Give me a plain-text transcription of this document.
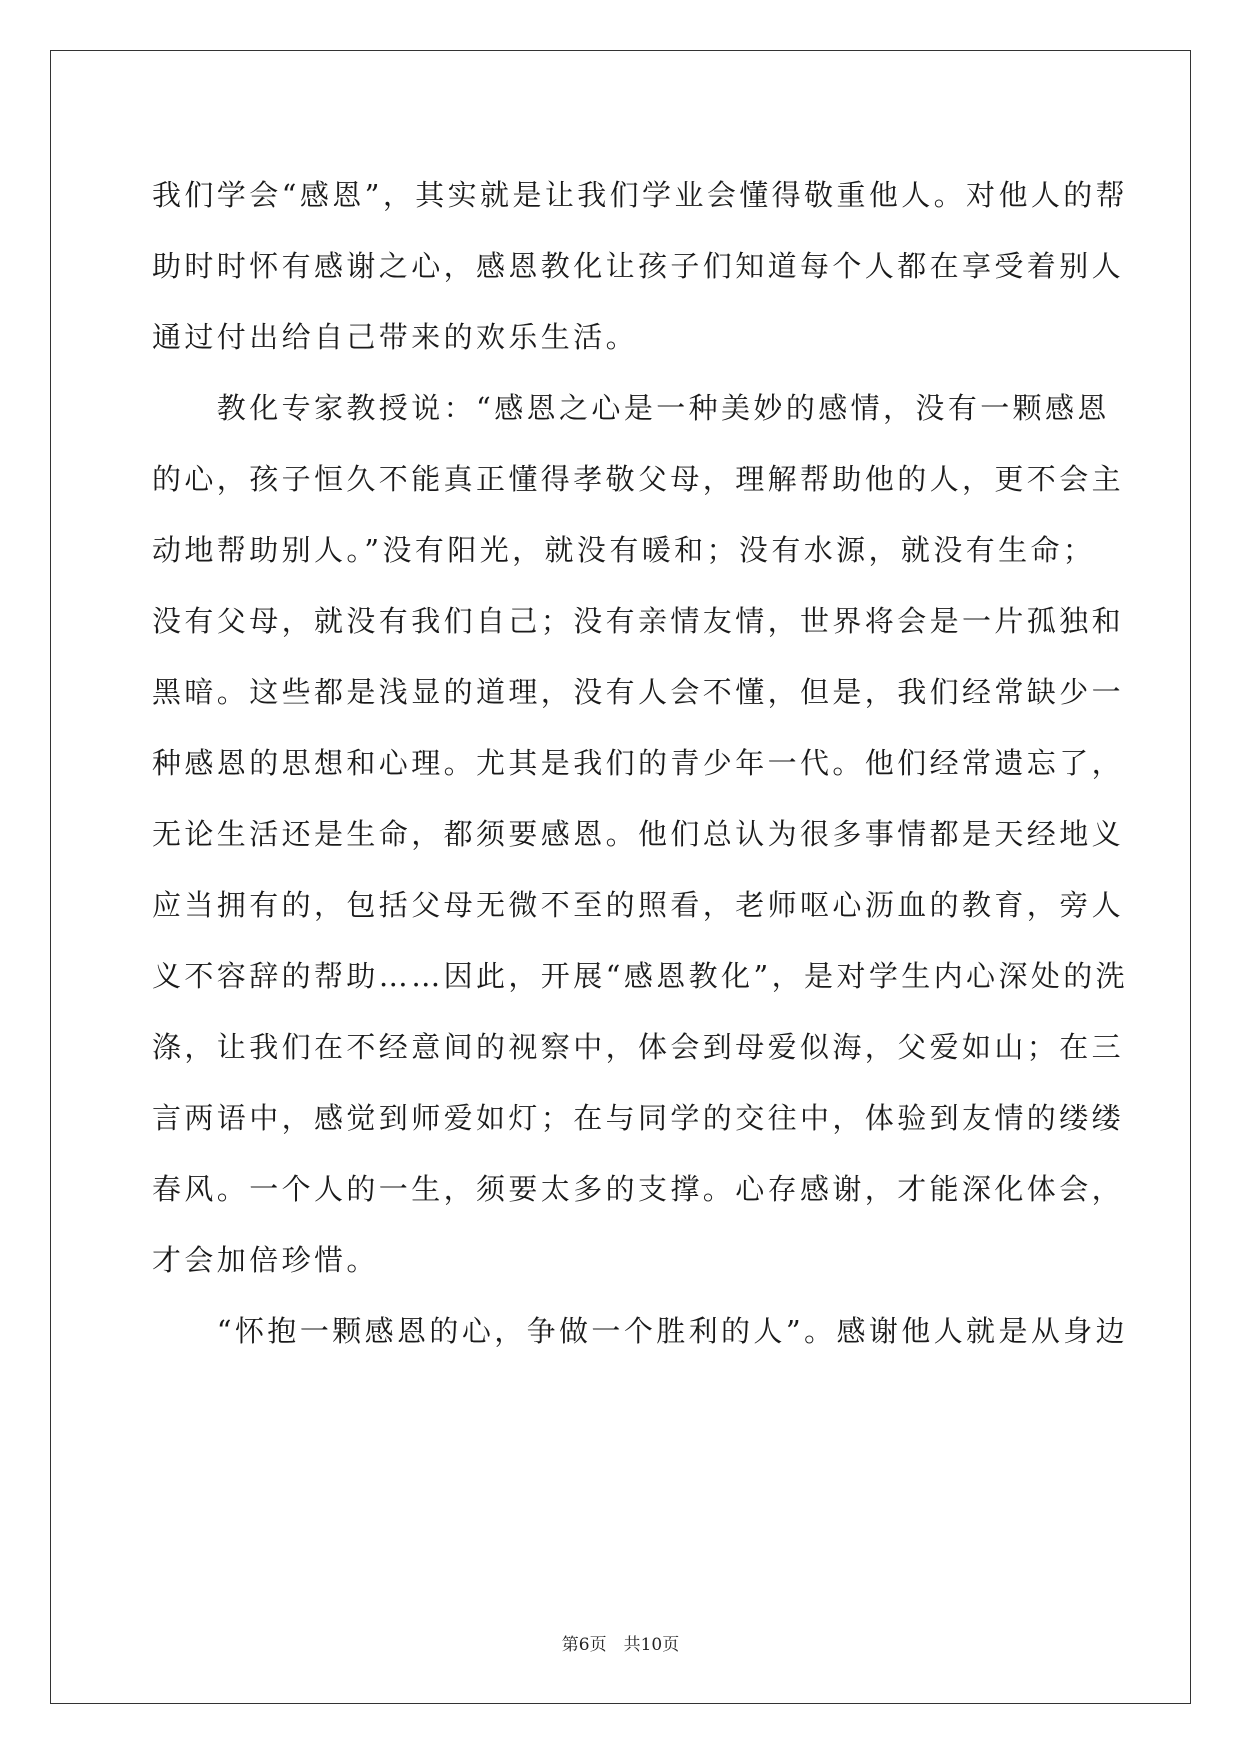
我们学会“感恩”，其实就是让我们学业会懂得敬重他人。对他人的帮
助时时怀有感谢之心，感恩教化让孩子们知道每个人都在享受着别人
通过付出给自己带来的欢乐生活。
　　教化专家教授说：“感恩之心是一种美妙的感情，没有一颗感恩
的心，孩子恒久不能真正懂得孝敬父母，理解帮助他的人，更不会主
动地帮助别人。”没有阳光，就没有暖和；没有水源，就没有生命；
没有父母，就没有我们自己；没有亲情友情，世界将会是一片孤独和
黑暗。这些都是浅显的道理，没有人会不懂，但是，我们经常缺少一
种感恩的思想和心理。尤其是我们的青少年一代。他们经常遗忘了，
无论生活还是生命，都须要感恩。他们总认为很多事情都是天经地义
应当拥有的，包括父母无微不至的照看，老师呕心沥血的教育，旁人
义不容辞的帮助……因此，开展“感恩教化”，是对学生内心深处的洗
涤，让我们在不经意间的视察中，体会到母爱似海，父爱如山；在三
言两语中，感觉到师爱如灯；在与同学的交往中，体验到友情的缕缕
春风。一个人的一生，须要太多的支撑。心存感谢，才能深化体会，
才会加倍珍惜。
　　“怀抱一颗感恩的心，争做一个胜利的人”。感谢他人就是从身边
第6页　共10页
